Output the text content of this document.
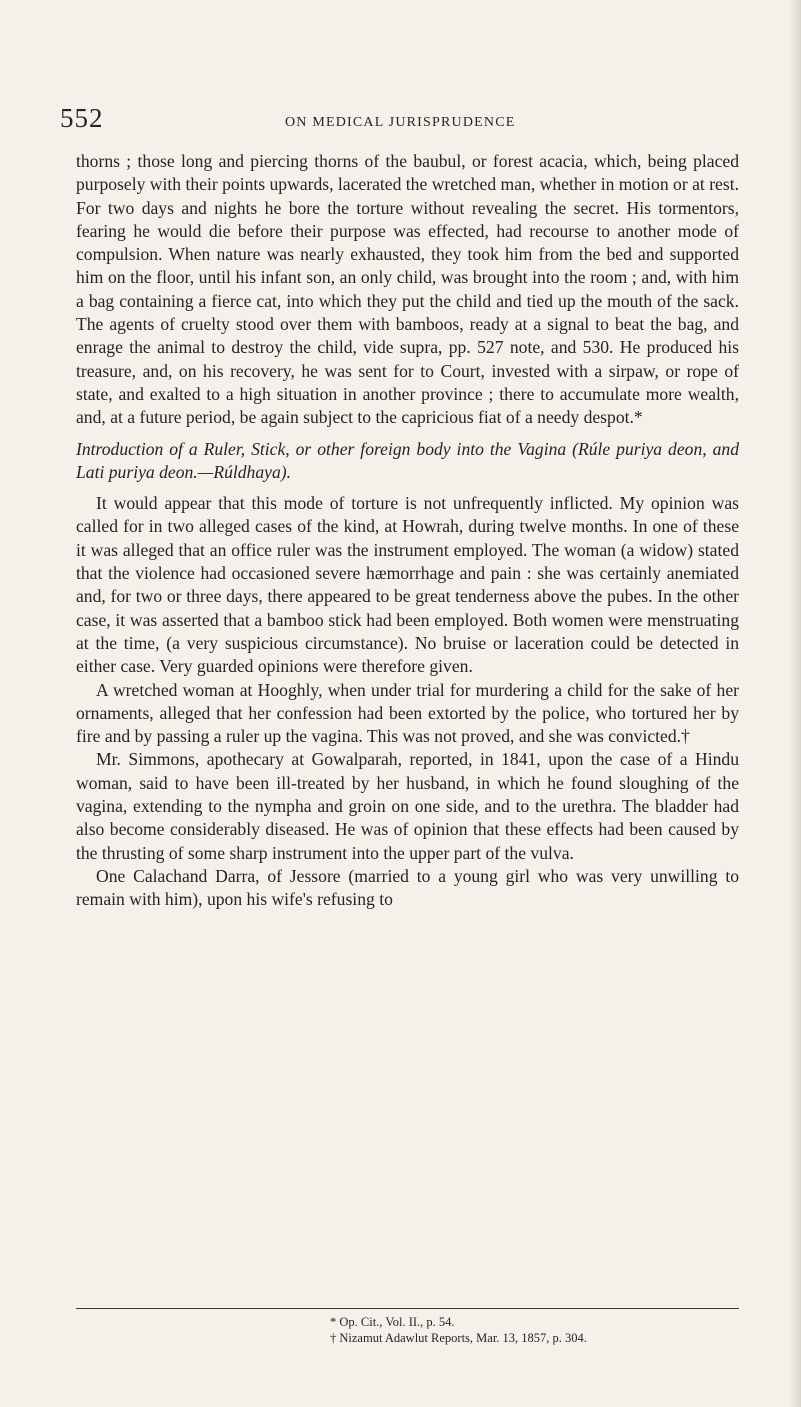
552	ON MEDICAL JURISPRUDENCE

thorns ; those long and piercing thorns of the baubul, or forest acacia, which, being placed purposely with their points upwards, lacerated the wretched man, whether in motion or at rest. For two days and nights he bore the torture without revealing the secret. His tormentors, fearing he would die before their purpose was effected, had recourse to another mode of compulsion. When nature was nearly exhausted, they took him from the bed and supported him on the floor, until his infant son, an only child, was brought into the room ; and, with him a bag containing a fierce cat, into which they put the child and tied up the mouth of the sack. The agents of cruelty stood over them with bamboos, ready at a signal to beat the bag, and enrage the animal to destroy the child, vide supra, pp. 527 note, and 530. He produced his treasure, and, on his recovery, he was sent for to Court, invested with a sirpaw, or rope of state, and exalted to a high situation in another province ; there to accumulate more wealth, and, at a future period, be again subject to the capricious fiat of a needy despot.*

Introduction of a Ruler, Stick, or other foreign body into the Vagina (Rúle puriya deon, and Lati puriya deon.—Rúldhaya).

It would appear that this mode of torture is not unfrequently inflicted. My opinion was called for in two alleged cases of the kind, at Howrah, during twelve months. In one of these it was alleged that an office ruler was the instrument employed. The woman (a widow) stated that the violence had occasioned severe hæmorrhage and pain : she was certainly anemiated and, for two or three days, there appeared to be great tenderness above the pubes. In the other case, it was asserted that a bamboo stick had been employed. Both women were menstruating at the time, (a very suspicious circumstance). No bruise or laceration could be detected in either case. Very guarded opinions were therefore given.

A wretched woman at Hooghly, when under trial for murdering a child for the sake of her ornaments, alleged that her confession had been extorted by the police, who tortured her by fire and by passing a ruler up the vagina. This was not proved, and she was convicted.†

Mr. Simmons, apothecary at Gowalparah, reported, in 1841, upon the case of a Hindu woman, said to have been ill-treated by her husband, in which he found sloughing of the vagina, extending to the nympha and groin on one side, and to the urethra. The bladder had also become considerably diseased. He was of opinion that these effects had been caused by the thrusting of some sharp instrument into the upper part of the vulva.

One Calachand Darra, of Jessore (married to a young girl who was very unwilling to remain with him), upon his wife's refusing to

* Op. Cit., Vol. II., p. 54.
† Nizamut Adawlut Reports, Mar. 13, 1857, p. 304.
